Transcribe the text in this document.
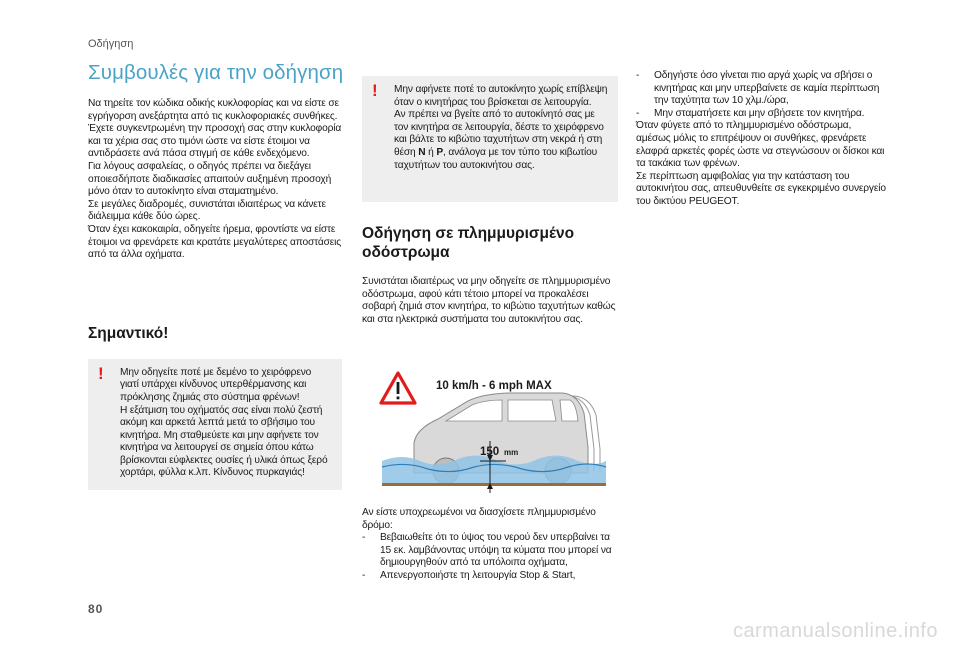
Οδήγηση
Συμβουλές για την οδήγηση

Να τηρείτε τον κώδικα οδικής κυκλοφορίας και να είστε σε εγρήγορση ανεξάρτητα από τις κυκλοφοριακές συνθήκες.

Έχετε συγκεντρωμένη την προσοχή σας στην κυκλοφορία και τα χέρια σας στο τιμόνι ώστε να είστε έτοιμοι να αντιδράσετε ανά πάσα στιγμή σε κάθε ενδεχόμενο.

Για λόγους ασφαλείας, ο οδηγός πρέπει να διεξάγει οποιεσδήποτε διαδικασίες απαιτούν αυξημένη προσοχή μόνο όταν το αυτοκίνητο είναι σταματημένο.

Σε μεγάλες διαδρομές, συνιστάται ιδιαιτέρως να κάνετε διάλειμμα κάθε δύο ώρες.

Όταν έχει κακοκαιρία, οδηγείτε ήρεμα, φροντίστε να είστε έτοιμοι να φρενάρετε και κρατάτε μεγαλύτερες αποστάσεις από τα άλλα οχήματα.

Σημαντικό!
!	Μην οδηγείτε ποτέ με δεμένο το χειρόφρενο γιατί υπάρχει κίνδυνος υπερθέρμανσης και πρόκλησης ζημιάς στο σύστημα φρένων!

Η εξάτμιση του οχήματός σας είναι πολύ ζεστή ακόμη και αρκετά λεπτά μετά το σβήσιμο του κινητήρα. Μη σταθμεύετε και μην αφήνετε τον κινητήρα να λειτουργεί σε σημεία όπου κάτω βρίσκονται εύφλεκτες ουσίες ή υλικά όπως ξερό χορτάρι, φύλλα κ.λπ. Κίνδυνος πυρκαγιάς!

!	Μην αφήνετε ποτέ το αυτοκίνητο χωρίς επίβλεψη όταν ο κινητήρας του βρίσκεται σε λειτουργία.

Αν πρέπει να βγείτε από το αυτοκίνητό σας με τον κινητήρα σε λειτουργία, δέστε το χειρόφρενο και βάλτε το κιβώτιο ταχυτήτων στη νεκρά ή στη θέση N ή P, ανάλογα με τον τύπο του κιβωτίου ταχυτήτων του αυτοκινήτου σας.

Οδήγηση σε πλημμυρισμένο οδόστρωμα
Συνιστάται ιδιαιτέρως να μην οδηγείτε σε πλημμυρισμένο οδόστρωμα, αφού κάτι τέτοιο μπορεί να προκαλέσει σοβαρή ζημιά στον κινητήρα, το κιβώτιο ταχυτήτων καθώς και στα ηλεκτρικά συστήματα του αυτοκινήτου σας.
10 km/h - 6 mph MAX
150 mm

Αν είστε υποχρεωμένοι να διασχίσετε πλημμυρισμένο δρόμο:

- Βεβαιωθείτε ότι το ύψος του νερού δεν υπερβαίνει τα 15 εκ. λαμβάνοντας υπόψη τα κύματα που μπορεί να δημιουργηθούν από τα υπόλοιπα οχήματα,
- Απενεργοποιήστε τη λειτουργία Stop & Start,
- Οδηγήστε όσο γίνεται πιο αργά χωρίς να σβήσει ο κινητήρας και μην υπερβαίνετε σε καμία περίπτωση την ταχύτητα των 10 χλμ./ώρα,
- Μην σταματήσετε και μην σβήσετε τον κινητήρα.

Όταν φύγετε από το πλημμυρισμένο οδόστρωμα, αμέσως μόλις το επιτρέψουν οι συνθήκες, φρενάρετε ελαφρά αρκετές φορές ώστε να στεγνώσουν οι δίσκοι και τα τακάκια των φρένων.

Σε περίπτωση αμφιβολίας για την κατάσταση του αυτοκινήτου σας, απευθυνθείτε σε εγκεκριμένο συνεργείο του δικτύου PEUGEOT.

80
carmanualsonline.info
